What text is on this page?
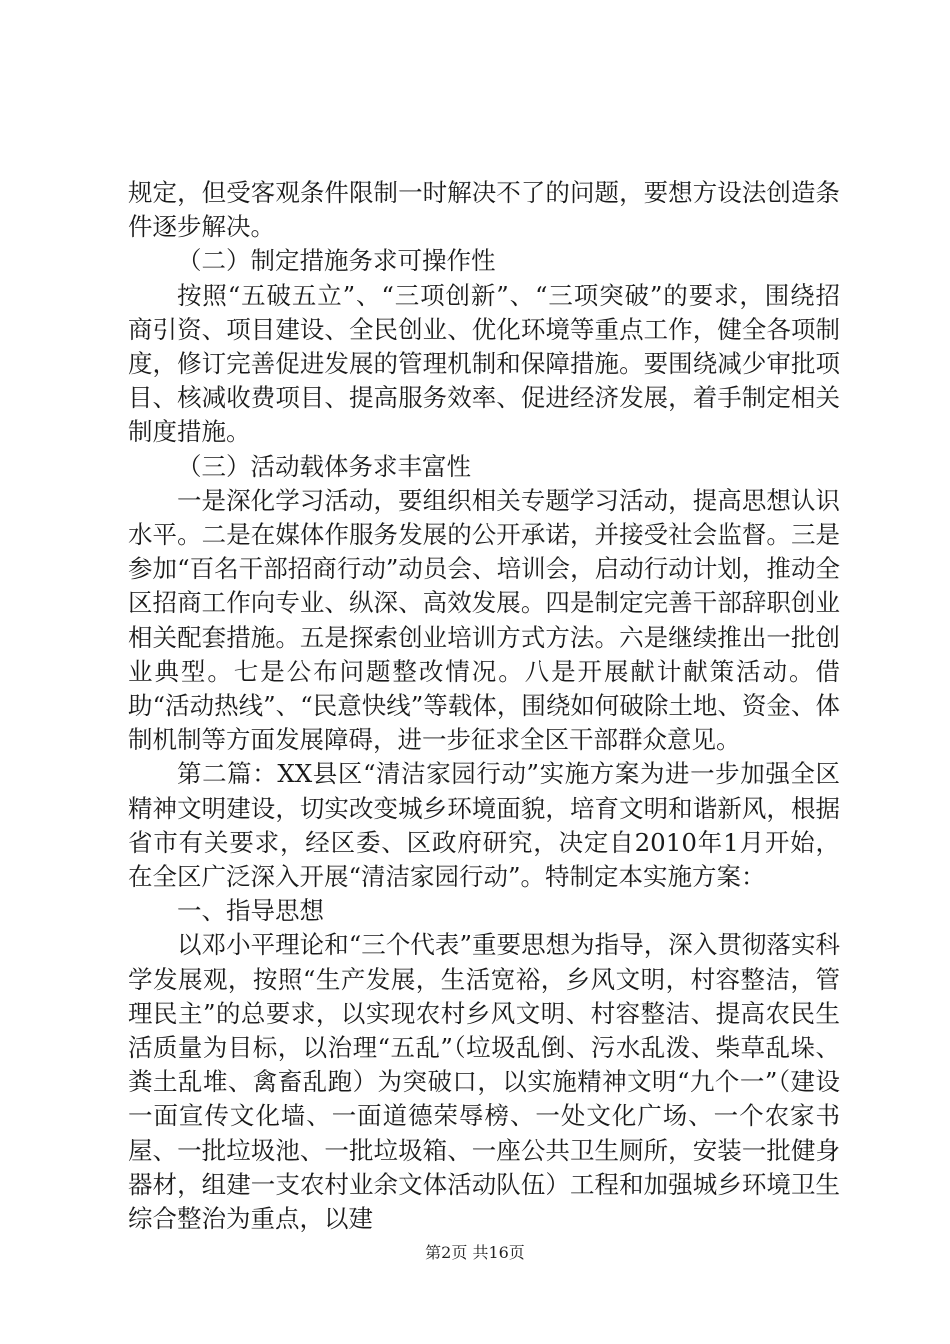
规定，但受客观条件限制一时解决不了的问题，要想方设法创造条件逐步解决。

（二）制定措施务求可操作性

按照“五破五立”、“三项创新”、“三项突破”的要求，围绕招商引资、项目建设、全民创业、优化环境等重点工作，健全各项制度，修订完善促进发展的管理机制和保障措施。要围绕减少审批项目、核减收费项目、提高服务效率、促进经济发展，着手制定相关制度措施。

（三）活动载体务求丰富性

一是深化学习活动，要组织相关专题学习活动，提高思想认识水平。二是在媒体作服务发展的公开承诺，并接受社会监督。三是参加“百名干部招商行动”动员会、培训会，启动行动计划，推动全区招商工作向专业、纵深、高效发展。四是制定完善干部辞职创业相关配套措施。五是探索创业培训方式方法。六是继续推出一批创业典型。七是公布问题整改情况。八是开展献计献策活动。借助“活动热线”、“民意快线”等载体，围绕如何破除土地、资金、体制机制等方面发展障碍，进一步征求全区干部群众意见。

第二篇：XX县区“清洁家园行动”实施方案为进一步加强全区精神文明建设，切实改变城乡环境面貌，培育文明和谐新风，根据省市有关要求，经区委、区政府研究，决定自2010年1月开始，在全区广泛深入开展“清洁家园行动”。特制定本实施方案：

一、指导思想

以邓小平理论和“三个代表”重要思想为指导，深入贯彻落实科学发展观，按照“生产发展，生活宽裕，乡风文明，村容整洁，管理民主”的总要求，以实现农村乡风文明、村容整洁、提高农民生活质量为目标，以治理“五乱”（垃圾乱倒、污水乱泼、柴草乱垛、粪土乱堆、禽畜乱跑）为突破口，以实施精神文明“九个一”（建设一面宣传文化墙、一面道德荣辱榜、一处文化广场、一个农家书屋、一批垃圾池、一批垃圾箱、一座公共卫生厕所，安装一批健身器材，组建一支农村业余文体活动队伍）工程和加强城乡环境卫生综合整治为重点，以建

第2页 共16页
